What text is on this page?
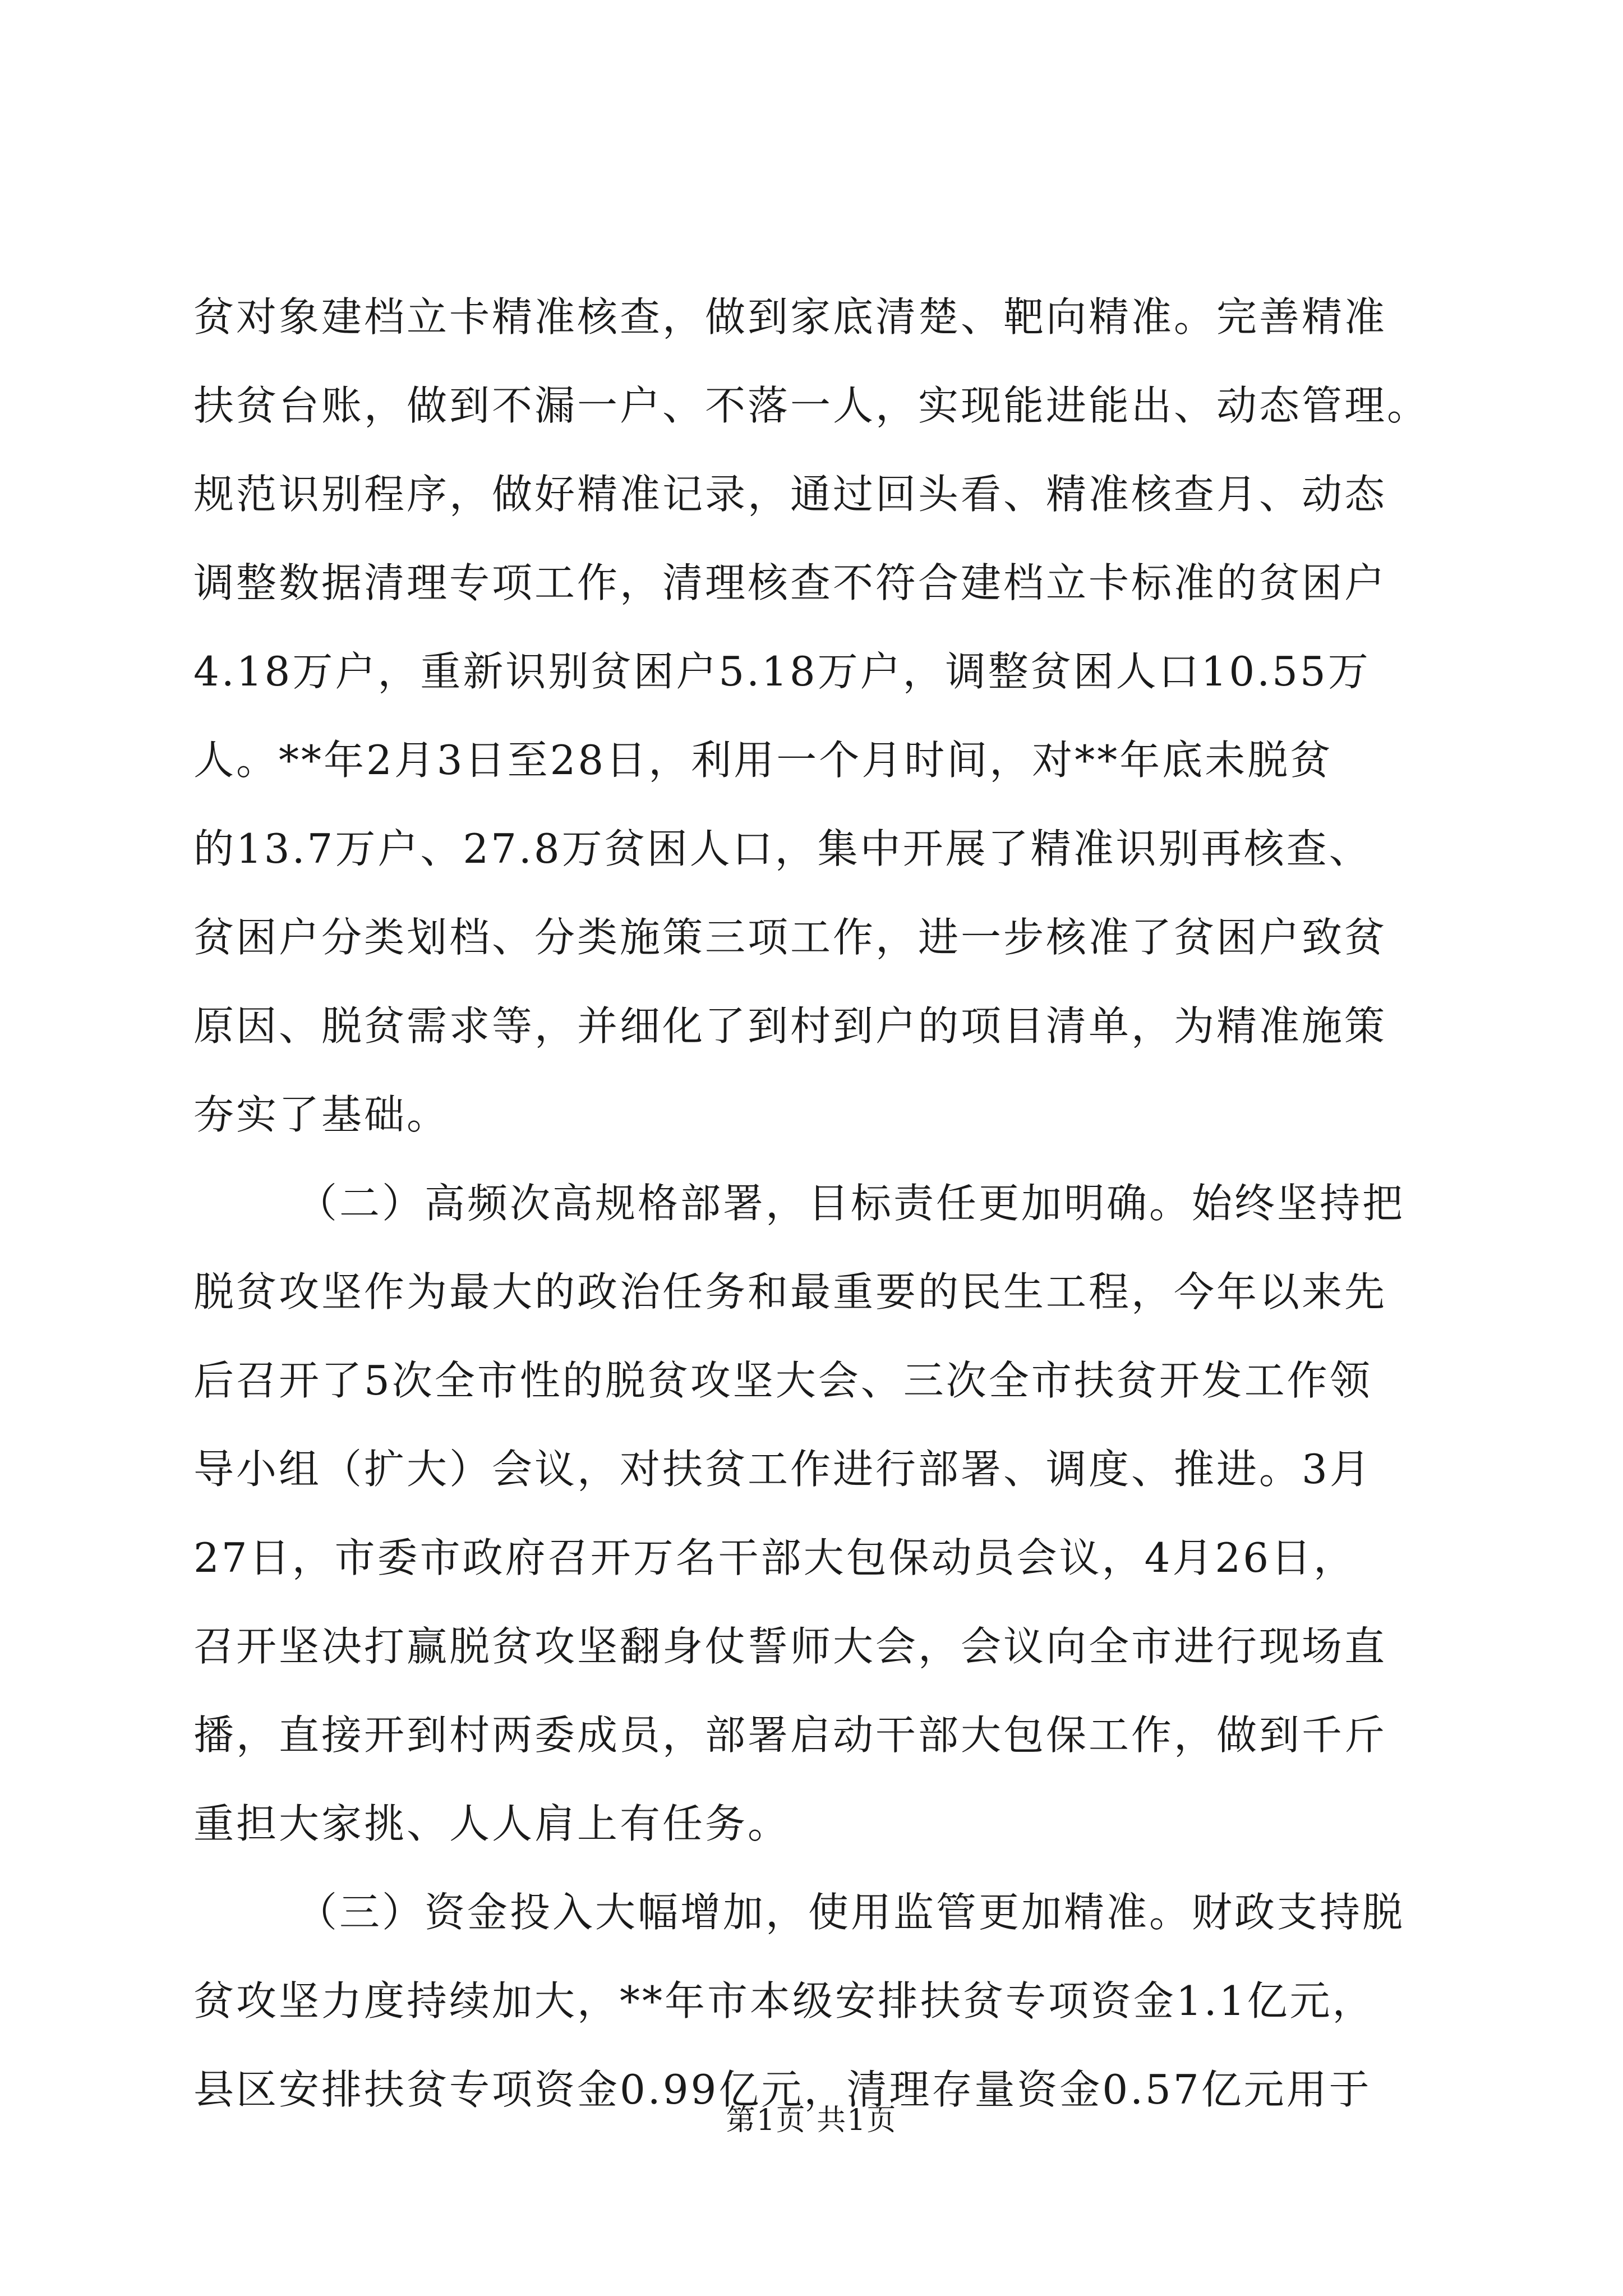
贫对象建档立卡精准核查，做到家底清楚、靶向精准。完善精准
扶贫台账，做到不漏一户、不落一人，实现能进能出、动态管理。
规范识别程序，做好精准记录，通过回头看、精准核查月、动态
调整数据清理专项工作，清理核查不符合建档立卡标准的贫困户
4.18万户，重新识别贫困户5.18万户，调整贫困人口10.55万
人。**年2月3日至28日，利用一个月时间，对**年底未脱贫
的13.7万户、27.8万贫困人口，集中开展了精准识别再核查、
贫困户分类划档、分类施策三项工作，进一步核准了贫困户致贫
原因、脱贫需求等，并细化了到村到户的项目清单，为精准施策
夯实了基础。
（二）高频次高规格部署，目标责任更加明确。始终坚持把
脱贫攻坚作为最大的政治任务和最重要的民生工程，今年以来先
后召开了5次全市性的脱贫攻坚大会、三次全市扶贫开发工作领
导小组（扩大）会议，对扶贫工作进行部署、调度、推进。3月
27日，市委市政府召开万名干部大包保动员会议，4月26日，
召开坚决打赢脱贫攻坚翻身仗誓师大会，会议向全市进行现场直
播，直接开到村两委成员，部署启动干部大包保工作，做到千斤
重担大家挑、人人肩上有任务。
（三）资金投入大幅增加，使用监管更加精准。财政支持脱
贫攻坚力度持续加大，**年市本级安排扶贫专项资金1.1亿元，
县区安排扶贫专项资金0.99亿元，清理存量资金0.57亿元用于
第1页 共1页
